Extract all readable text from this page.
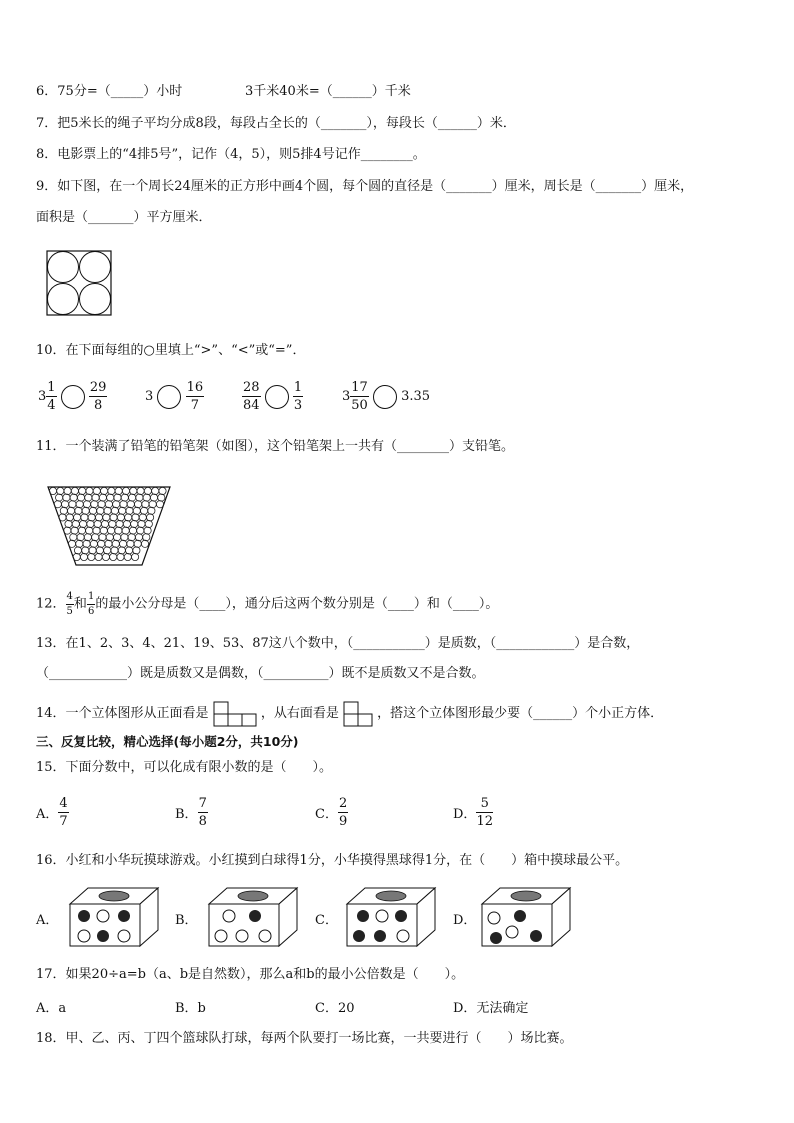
6．75分=（_____）小时	3千米40米=（______）千米
7．把5米长的绳子平均分成8段，每段占全长的（_______），每段长（______）米．
8．电影票上的“4排5号”，记作（4，5），则5排4号记作________。
9．如下图，在一个周长24厘米的正方形中画4个圆，每个圆的直径是（_______）厘米，周长是（_______）厘米，
面积是（_______）平方厘米．
10．在下面每组的○里填上“>”、“<”或“=”．
$3 \frac{1}{4}$
$\frac{29}{8}$	$3 \frac{16}{7}$	$\frac{28}{84}$
$\frac{1}{3}$	$3 \frac{17}{50} 3.35$
11．一个装满了铅笔的铅笔架（如图），这个铅笔架上一共有（________）支铅笔。
12． $\frac{4}{5}$ 和 $\frac{1}{6}$ 的最小公分母是（____），通分后这两个数分别是（____）和（____）。
13．在1、2、3、4、21、19、53、87这八个数中，（___________）是质数，（____________）是合数，
（____________）既是质数又是偶数，（__________）既不是质数又不是合数。
14．一个立体图形从正面看是	，从右面看是	，搭这个立体图形最少要（______）个小正方体．
三、反复比较，精心选择(每小题2分，共10分)
15．下面分数中，可以化成有限小数的是（　　）。
A． $\frac{4}{7}$	B． $\frac{7}{8}$	C． $\frac{2}{9}$	D． $\frac{5}{12}$
16．小红和小华玩摸球游戏。小红摸到白球得1分，小华摸得黑球得1分，在（　　）箱中摸球最公平。
A．	B．	C．	D．
17．如果20÷a=b（a、b是自然数），那么a和b的最小公倍数是（　　）。
A．a	B．b	C．20	D．无法确定
18．甲、乙、丙、丁四个篮球队打球，每两个队要打一场比赛，一共要进行（　　）场比赛。
